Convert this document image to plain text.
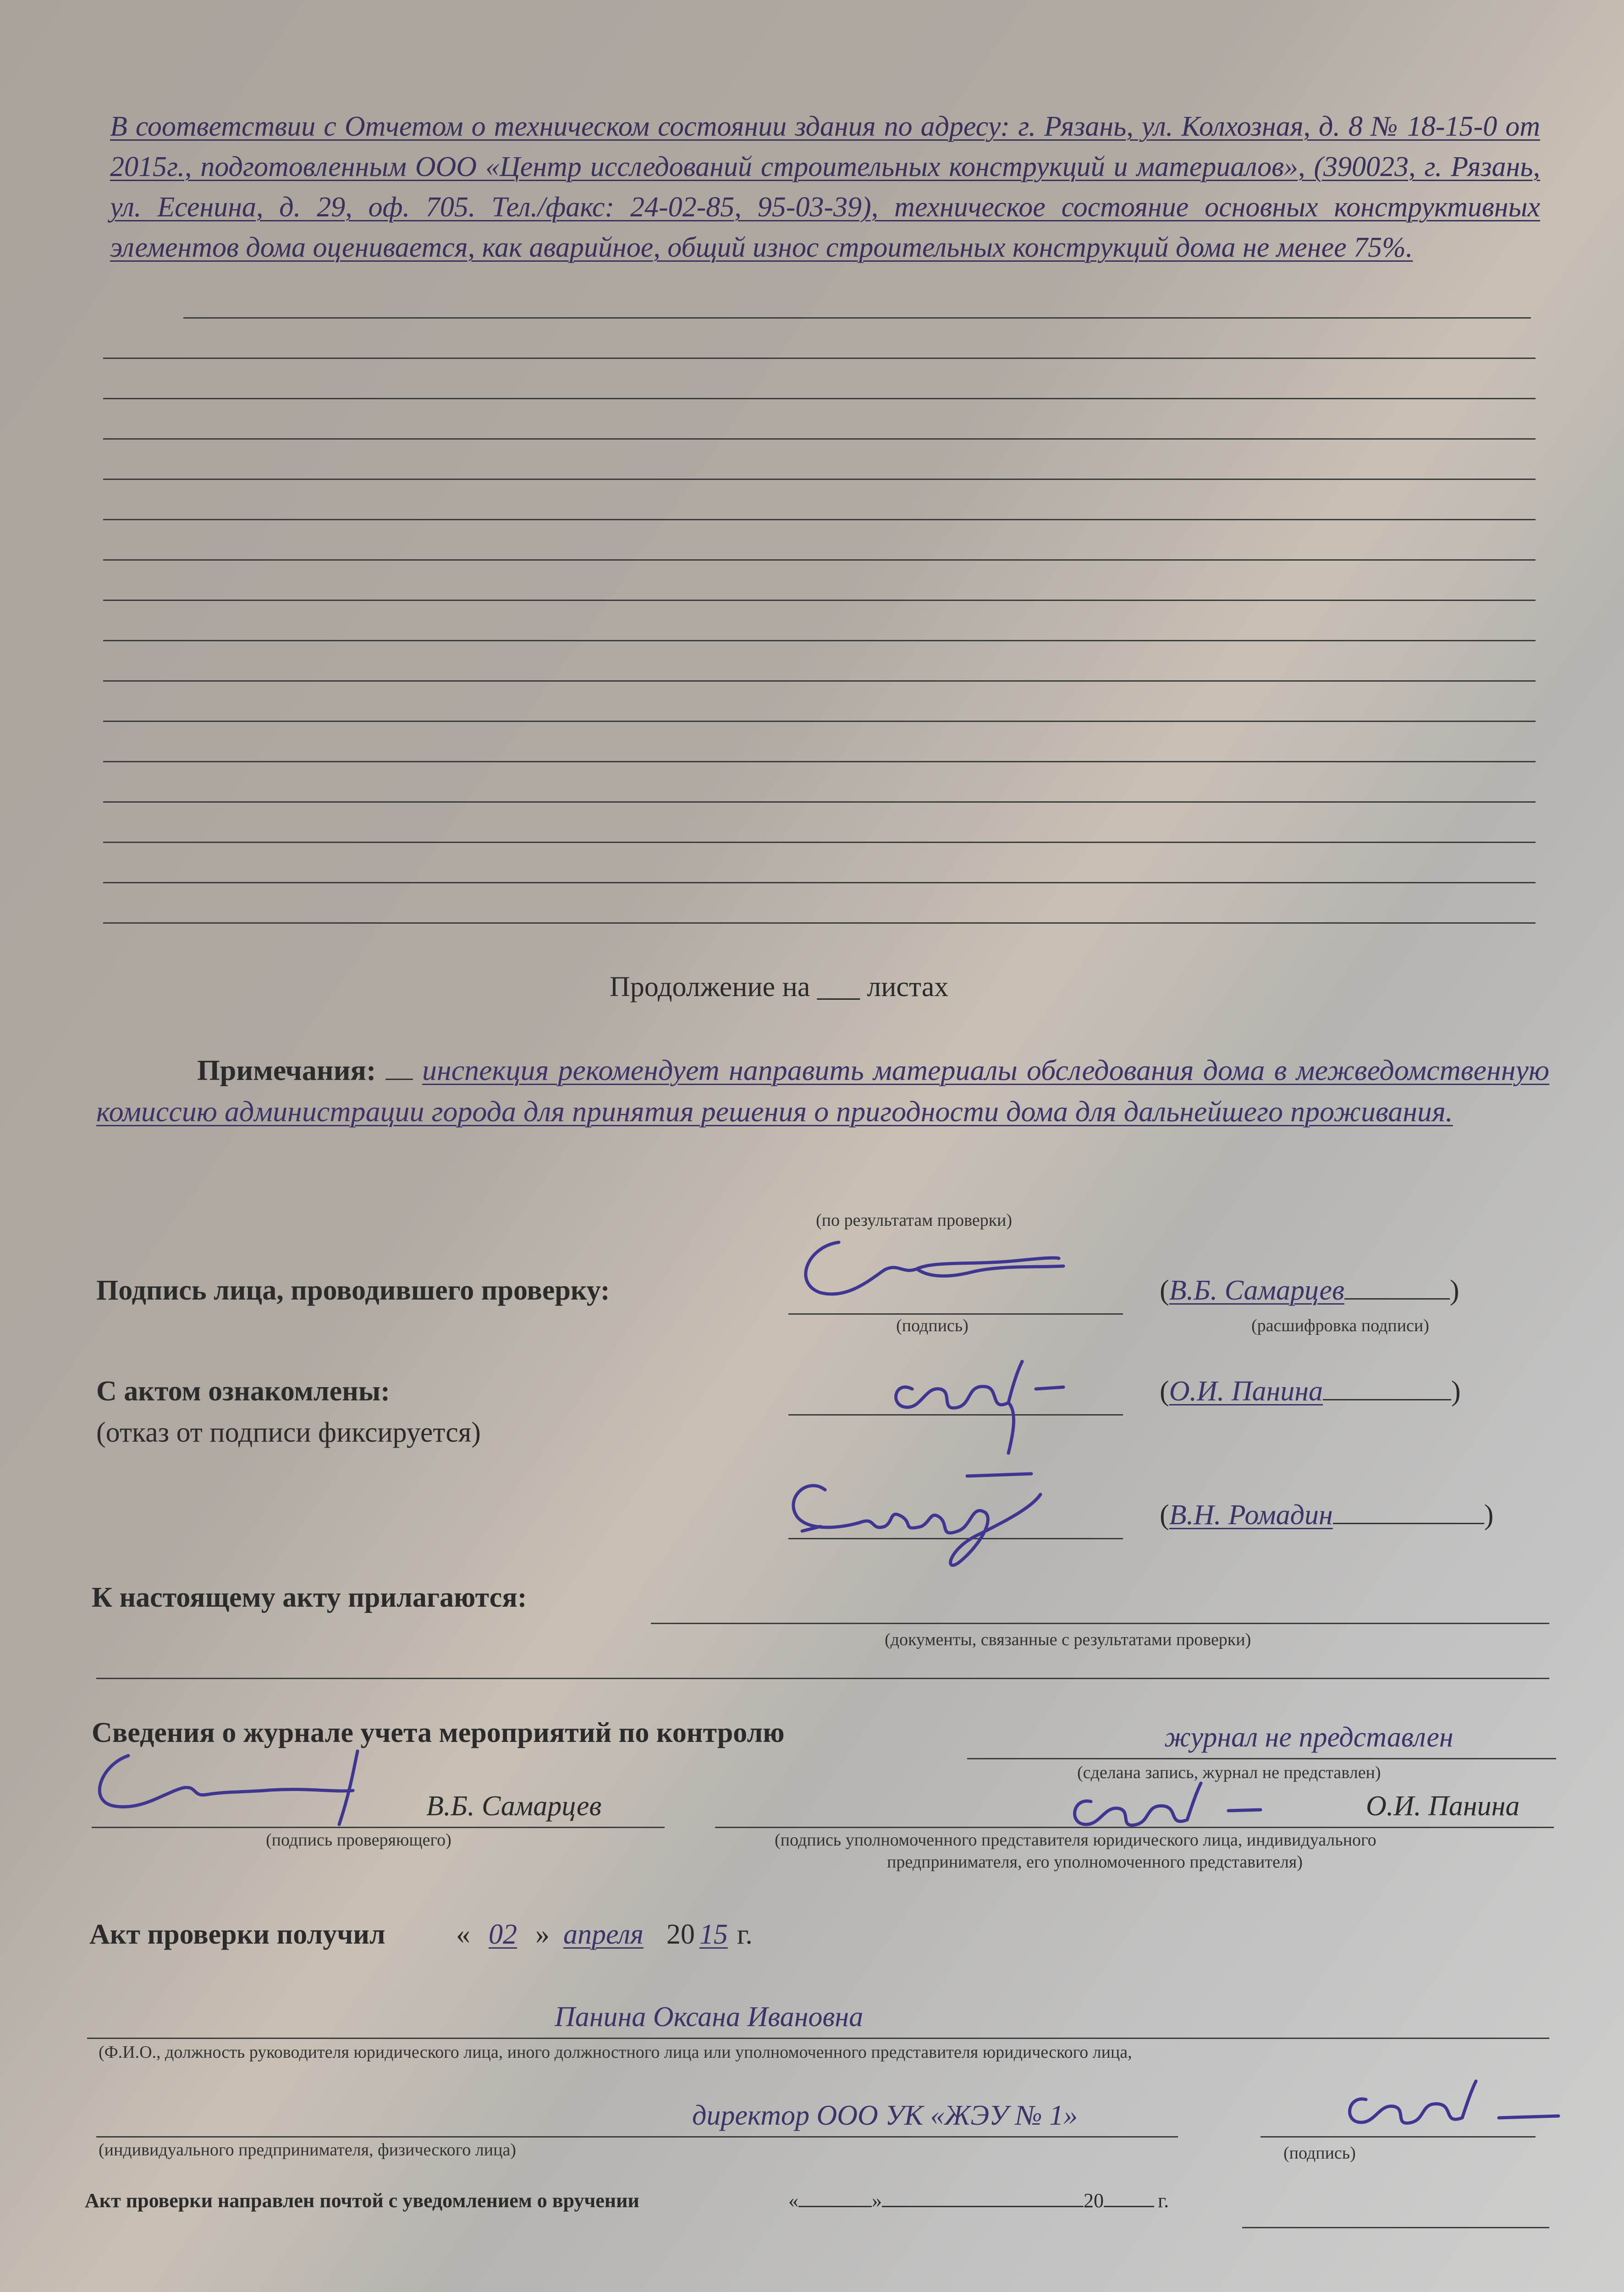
В соответствии с Отчетом о техническом состоянии здания по адресу: г. Рязань, ул. Колхозная, д. 8 № 18-15-0 от 2015г., подготовленным ООО «Центр исследований строительных конструкций и материалов», (390023, г. Рязань, ул. Есенина, д. 29, оф. 705. Тел./факс: 24-02-85, 95-03-39), техническое состояние основных конструктивных элементов дома оценивается, как аварийное, общий износ строительных конструкций дома не менее 75%.
Продолжение на ___ листах
Примечания: инспекция рекомендует направить материалы обследования дома в межведомственную комиссию администрации города для принятия решения о пригодности дома для дальнейшего проживания.
(по результатам проверки)
Подпись лица, проводившего проверку:	(В.Б. Самарцев	)
(подпись)	(расшифровка подписи)
С актом ознакомлены:
(отказ от подписи фиксируется)
(О.И. Панина	)
(В.Н. Ромадин	)
К настоящему акту прилагаются:
(документы, связанные с результатами проверки)
Сведения о журнале учета мероприятий по контролю	журнал не представлен
(сделана запись, журнал не представлен)
В.Б. Самарцев
(подпись проверяющего)
О.И. Панина
(подпись уполномоченного представителя юридического лица, индивидуального
предпринимателя, его уполномоченного представителя)
Акт проверки получил « 02 » апреля 20 15 г.
Панина Оксана Ивановна
(Ф.И.О., должность руководителя юридического лица, иного должностного лица или уполномоченного представителя юридического лица,
директор ООО УК «ЖЭУ № 1»
(индивидуального предпринимателя, физического лица)	(подпись)
Акт проверки направлен почтой с уведомлением о вручении	«	»	20	г.
